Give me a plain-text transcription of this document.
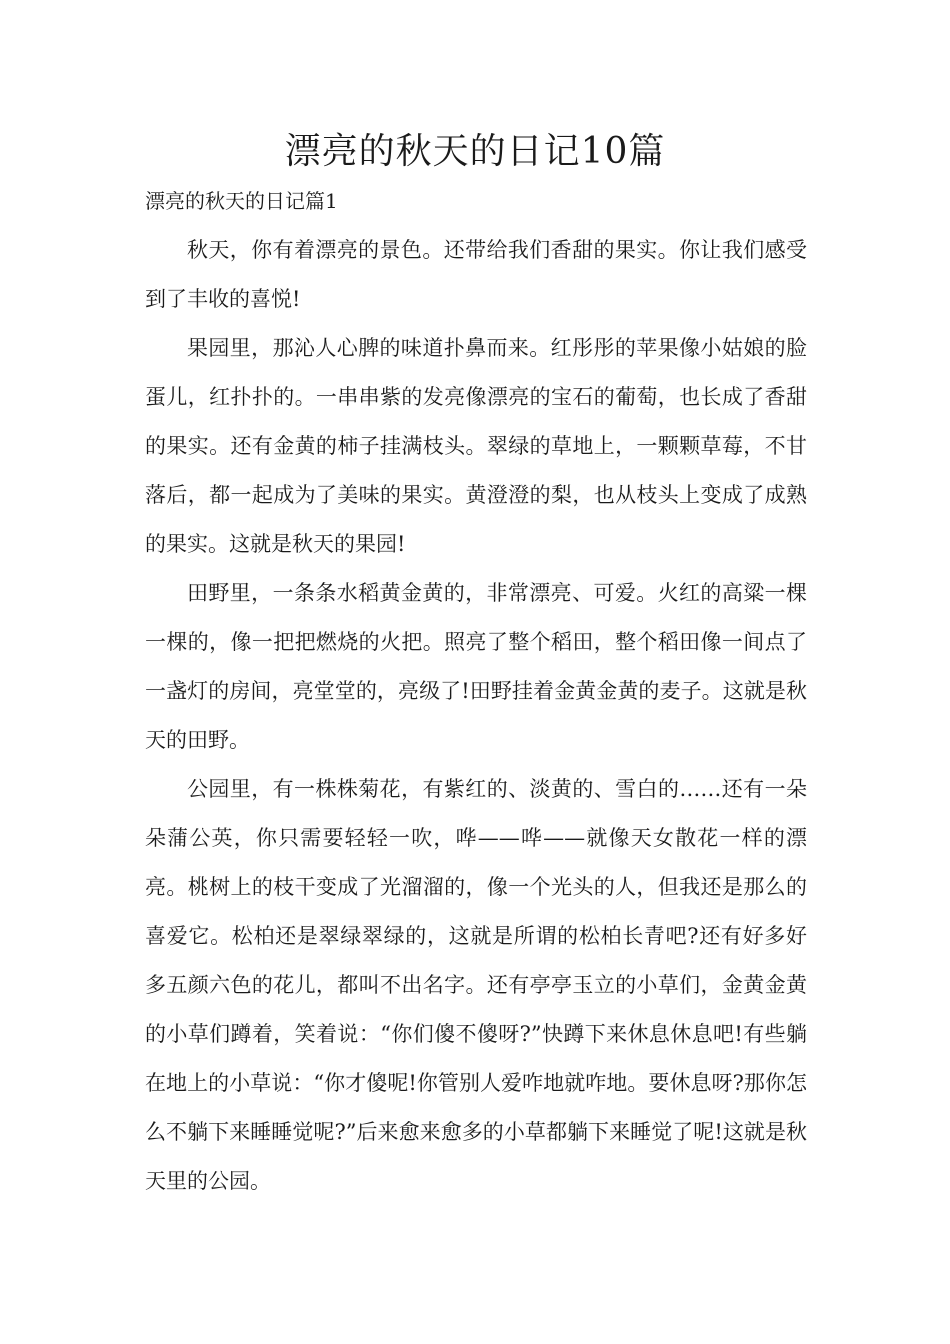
漂亮的秋天的日记10篇
漂亮的秋天的日记篇1

秋天，你有着漂亮的景色。还带给我们香甜的果实。你让我们感受到了丰收的喜悦!

果园里，那沁人心脾的味道扑鼻而来。红彤彤的苹果像小姑娘的脸蛋儿，红扑扑的。一串串紫的发亮像漂亮的宝石的葡萄，也长成了香甜的果实。还有金黄的柿子挂满枝头。翠绿的草地上，一颗颗草莓，不甘落后，都一起成为了美味的果实。黄澄澄的梨，也从枝头上变成了成熟的果实。这就是秋天的果园!

田野里，一条条水稻黄金黄的，非常漂亮、可爱。火红的高粱一棵一棵的，像一把把燃烧的火把。照亮了整个稻田，整个稻田像一间点了一盏灯的房间，亮堂堂的，亮级了!田野挂着金黄金黄的麦子。这就是秋天的田野。

公园里，有一株株菊花，有紫红的、淡黄的、雪白的……还有一朵朵蒲公英，你只需要轻轻一吹，哗——哗——就像天女散花一样的漂亮。桃树上的枝干变成了光溜溜的，像一个光头的人，但我还是那么的喜爱它。松柏还是翠绿翠绿的，这就是所谓的松柏长青吧?还有好多好多五颜六色的花儿，都叫不出名字。还有亭亭玉立的小草们，金黄金黄的小草们蹲着，笑着说：“你们傻不傻呀?”快蹲下来休息休息吧!有些躺在地上的小草说：“你才傻呢!你管别人爱咋地就咋地。要休息呀?那你怎么不躺下来睡睡觉呢?”后来愈来愈多的小草都躺下来睡觉了呢!这就是秋天里的公园。
